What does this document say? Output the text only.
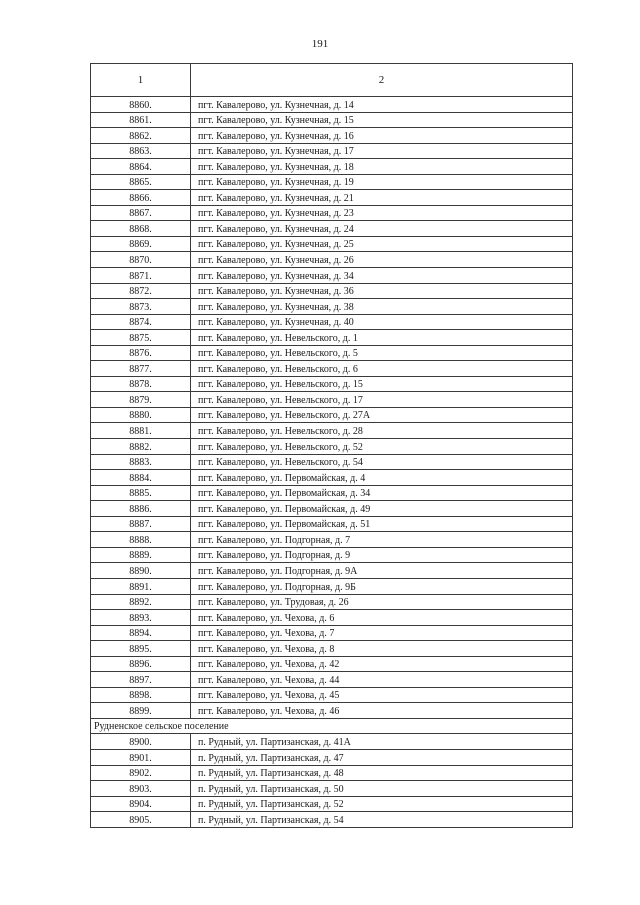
191
1	2
8860.	пгт. Кавалерово, ул. Кузнечная, д. 14
8861.	пгт. Кавалерово, ул. Кузнечная, д. 15
8862.	пгт. Кавалерово, ул. Кузнечная, д. 16
8863.	пгт. Кавалерово, ул. Кузнечная, д. 17
8864.	пгт. Кавалерово, ул. Кузнечная, д. 18
8865.	пгт. Кавалерово, ул. Кузнечная, д. 19
8866.	пгт. Кавалерово, ул. Кузнечная, д. 21
8867.	пгт. Кавалерово, ул. Кузнечная, д. 23
8868.	пгт. Кавалерово, ул. Кузнечная, д. 24
8869.	пгт. Кавалерово, ул. Кузнечная, д. 25
8870.	пгт. Кавалерово, ул. Кузнечная, д. 26
8871.	пгт. Кавалерово, ул. Кузнечная, д. 34
8872.	пгт. Кавалерово, ул. Кузнечная, д. 36
8873.	пгт. Кавалерово, ул. Кузнечная, д. 38
8874.	пгт. Кавалерово, ул. Кузнечная, д. 40
8875.	пгт. Кавалерово, ул. Невельского, д. 1
8876.	пгт. Кавалерово, ул. Невельского, д. 5
8877.	пгт. Кавалерово, ул. Невельского, д. 6
8878.	пгт. Кавалерово, ул. Невельского, д. 15
8879.	пгт. Кавалерово, ул. Невельского, д. 17
8880.	пгт. Кавалерово, ул. Невельского, д. 27А
8881.	пгт. Кавалерово, ул. Невельского, д. 28
8882.	пгт. Кавалерово, ул. Невельского, д. 52
8883.	пгт. Кавалерово, ул. Невельского, д. 54
8884.	пгт. Кавалерово, ул. Первомайская, д. 4
8885.	пгт. Кавалерово, ул. Первомайская, д. 34
8886.	пгт. Кавалерово, ул. Первомайская, д. 49
8887.	пгт. Кавалерово, ул. Первомайская, д. 51
8888.	пгт. Кавалерово, ул. Подгорная, д. 7
8889.	пгт. Кавалерово, ул. Подгорная, д. 9
8890.	пгт. Кавалерово, ул. Подгорная, д. 9А
8891.	пгт. Кавалерово, ул. Подгорная, д. 9Б
8892.	пгт. Кавалерово, ул. Трудовая, д. 26
8893.	пгт. Кавалерово, ул. Чехова, д. 6
8894.	пгт. Кавалерово, ул. Чехова, д. 7
8895.	пгт. Кавалерово, ул. Чехова, д. 8
8896.	пгт. Кавалерово, ул. Чехова, д. 42
8897.	пгт. Кавалерово, ул. Чехова, д. 44
8898.	пгт. Кавалерово, ул. Чехова, д. 45
8899.	пгт. Кавалерово, ул. Чехова, д. 46
Рудненское сельское поселение	
8900.	п. Рудный, ул. Партизанская, д. 41А
8901.	п. Рудный, ул. Партизанская, д. 47
8902.	п. Рудный, ул. Партизанская, д. 48
8903.	п. Рудный, ул. Партизанская, д. 50
8904.	п. Рудный, ул. Партизанская, д. 52
8905.	п. Рудный, ул. Партизанская, д. 54
